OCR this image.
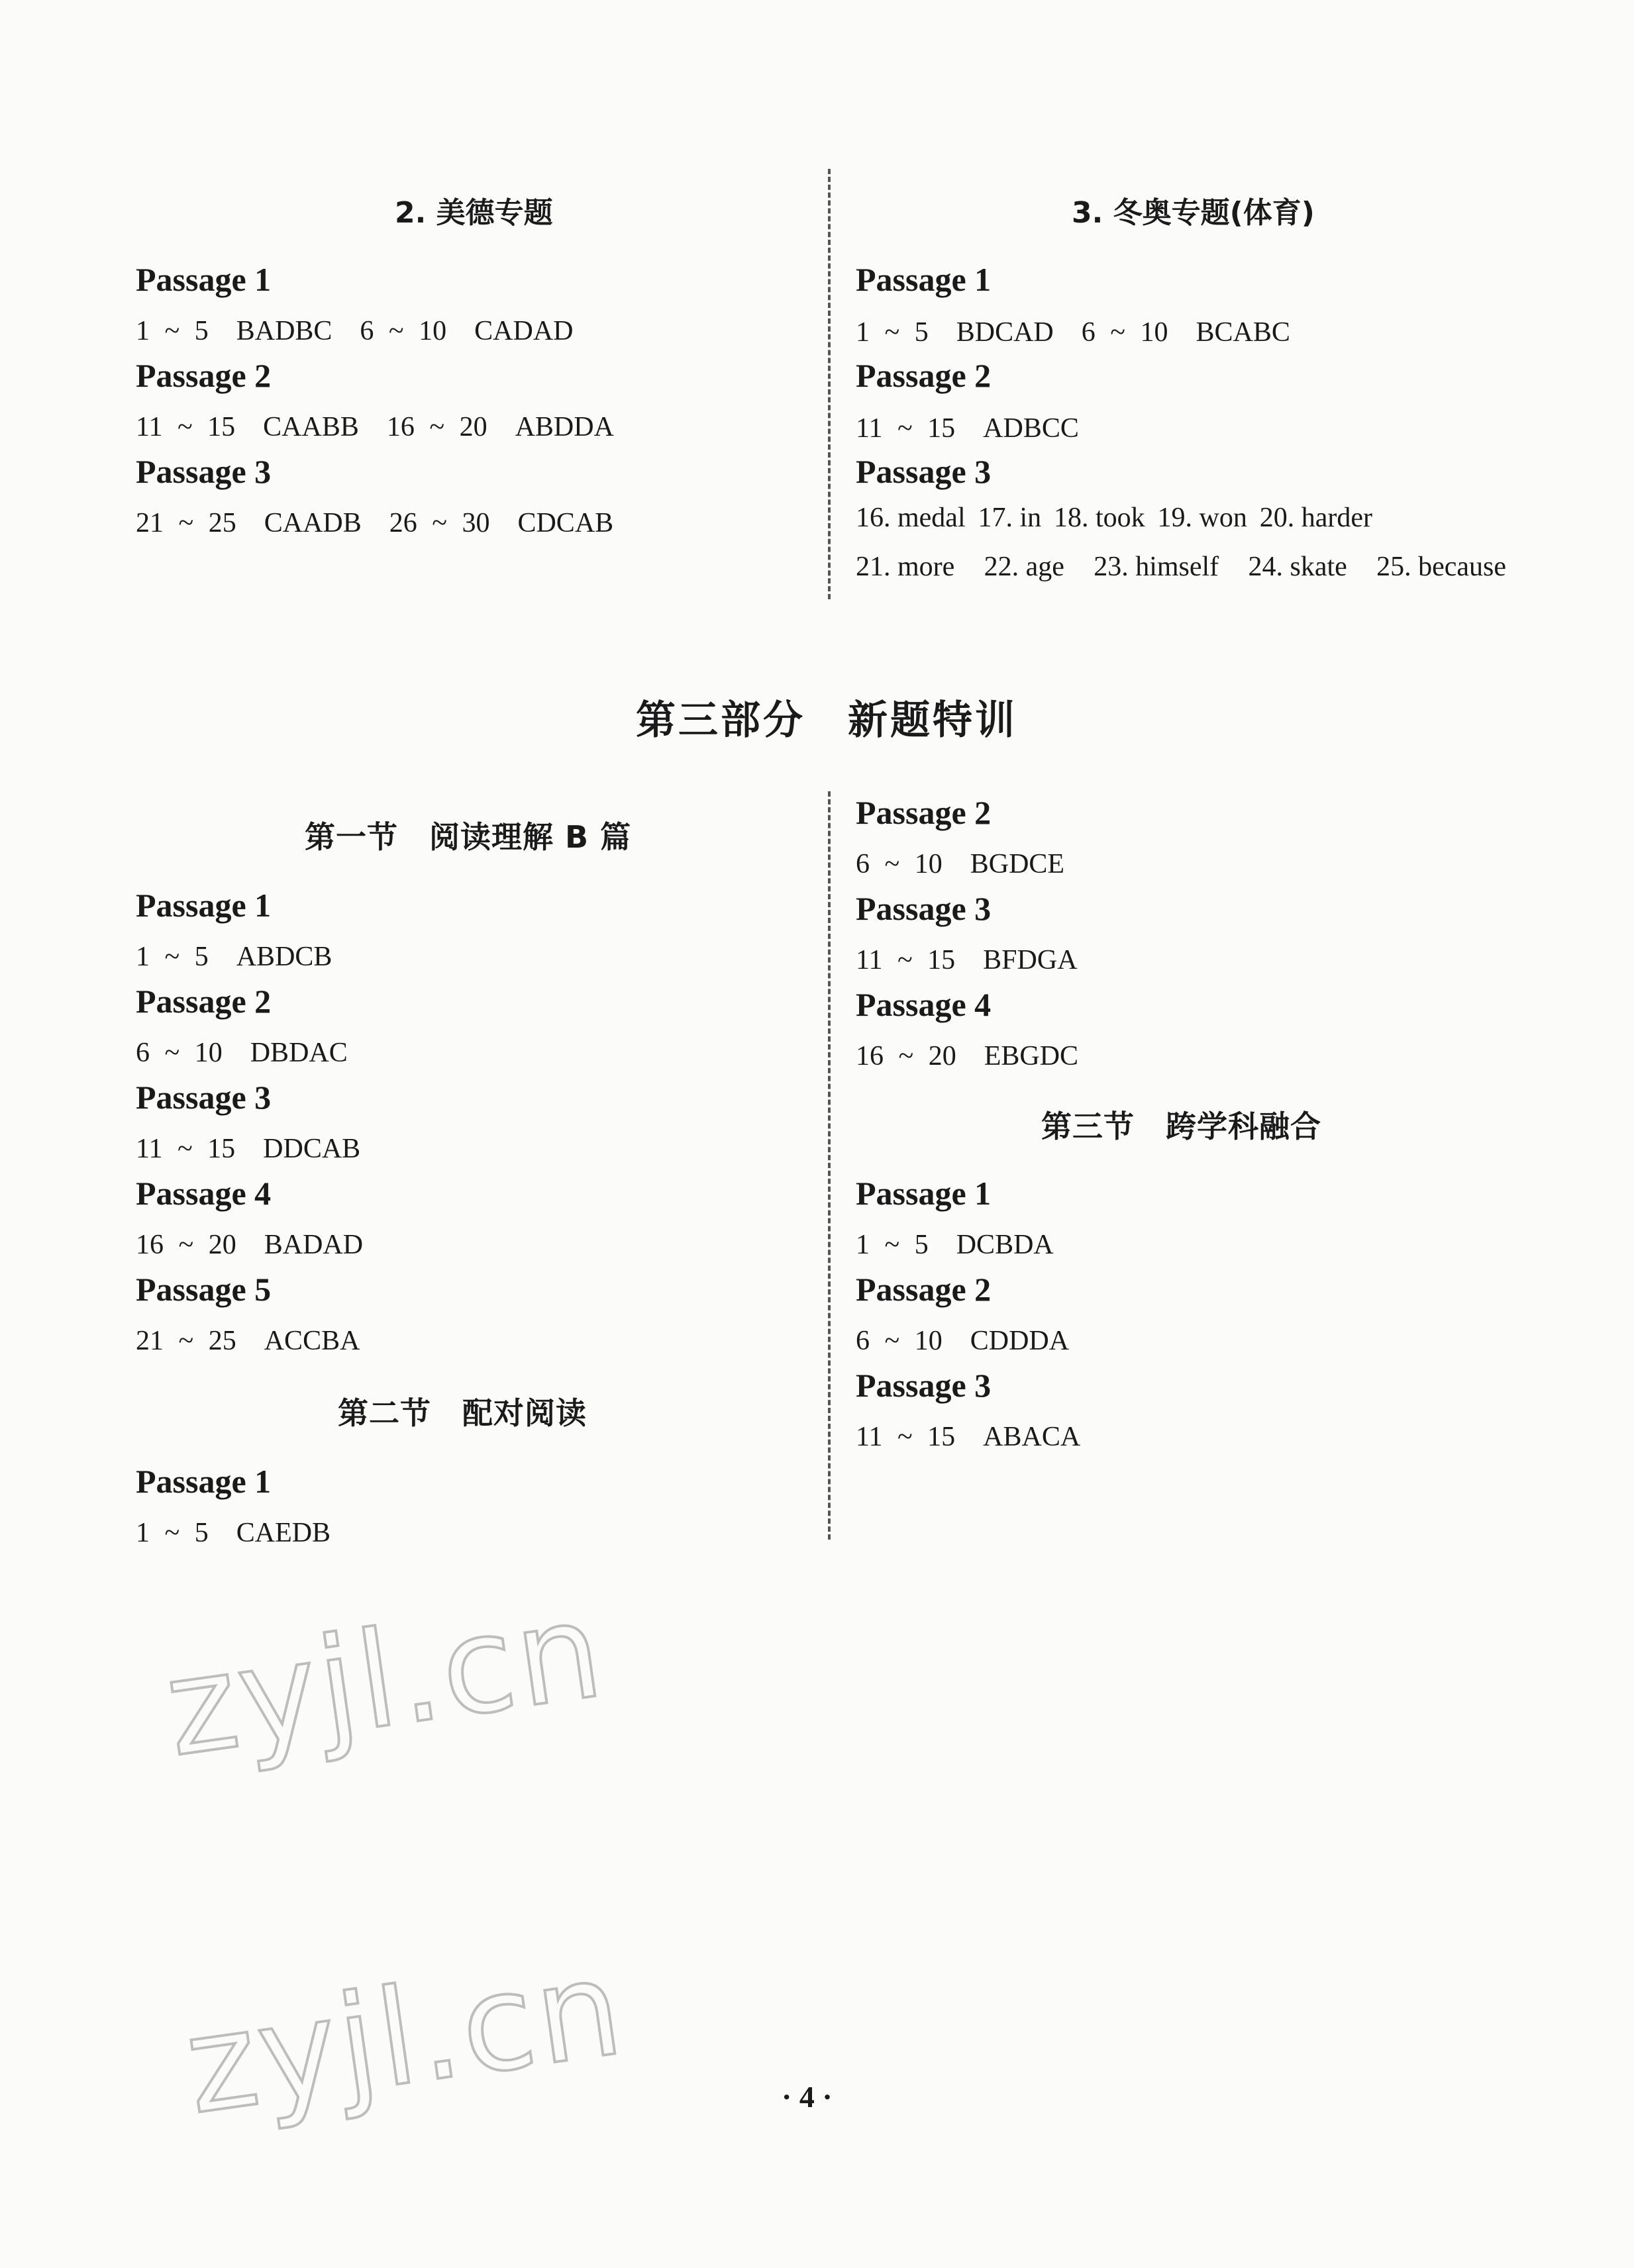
2. 美德专题
Passage 1
1 ~ 5　BADBC　6 ~ 10　CADAD
Passage 2
11 ~ 15　CAABB　16 ~ 20　ABDDA
Passage 3
21 ~ 25　CAADB　26 ~ 30　CDCAB
3. 冬奥专题(体育)
Passage 1
1 ~ 5　BDCAD　6 ~ 10　BCABC
Passage 2
11 ~ 15　ADBCC
Passage 3
16. medal 17. in 18. took 19. won 20. harder
21. more 22. age 23. himself 24. skate 25. because
第三部分　新题特训
第一节　阅读理解 B 篇
Passage 1
1 ~ 5　ABDCB
Passage 2
6 ~ 10　DBDAC
Passage 3
11 ~ 15　DDCAB
Passage 4
16 ~ 20　BADAD
Passage 5
21 ~ 25　ACCBA
第二节　配对阅读
Passage 1
1 ~ 5　CAEDB
Passage 2
6 ~ 10　BGDCE
Passage 3
11 ~ 15　BFDGA
Passage 4
16 ~ 20　EBGDC
第三节　跨学科融合
Passage 1
1 ~ 5　DCBDA
Passage 2
6 ~ 10　CDDDA
Passage 3
11 ~ 15　ABACA
zyjl.cn
zyjl.cn	· 4 ·
